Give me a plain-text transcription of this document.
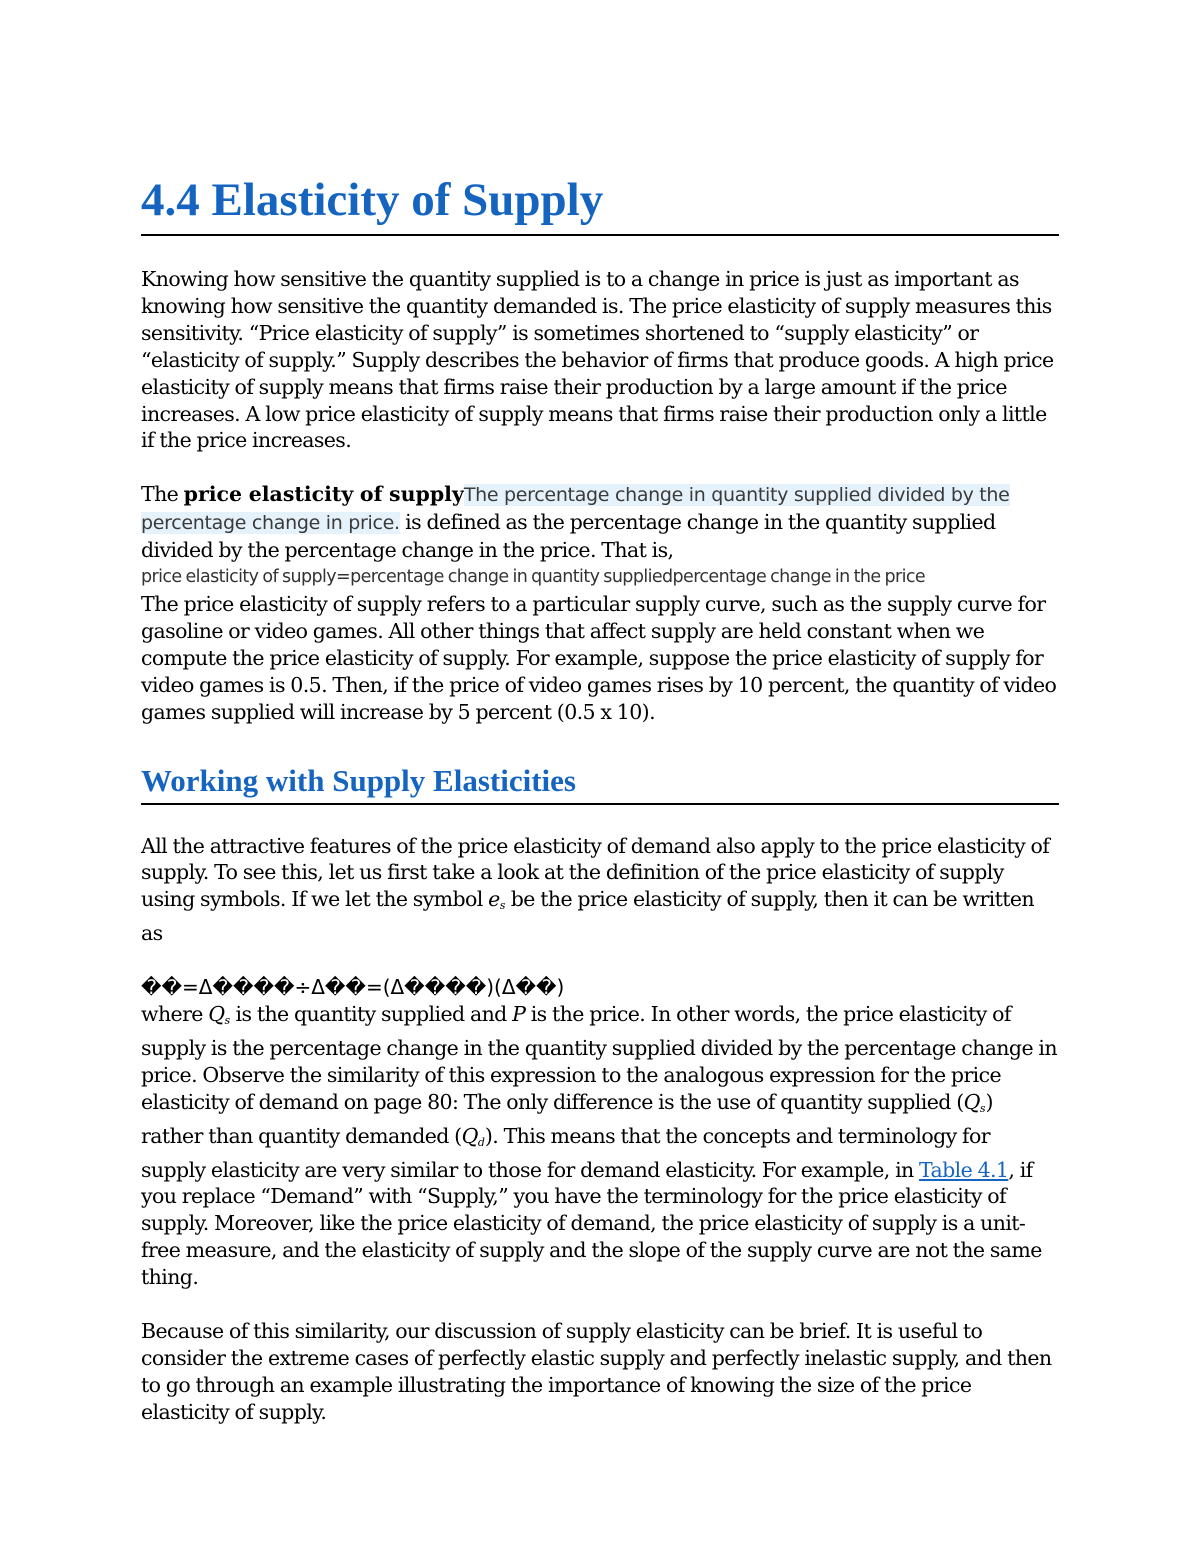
4.4 Elasticity of Supply

Knowing how sensitive the quantity supplied is to a change in price is just as important as knowing how sensitive the quantity demanded is. The price elasticity of supply measures this sensitivity. “Price elasticity of supply” is sometimes shortened to “supply elasticity” or “elasticity of supply.” Supply describes the behavior of firms that produce goods. A high price elasticity of supply means that firms raise their production by a large amount if the price increases. A low price elasticity of supply means that firms raise their production only a little if the price increases.

The price elasticity of supplyThe percentage change in quantity supplied divided by the percentage change in price. is defined as the percentage change in the quantity supplied divided by the percentage change in the price. That is,
price elasticity of supply=percentage change in quantity suppliedpercentage change in the price
The price elasticity of supply refers to a particular supply curve, such as the supply curve for gasoline or video games. All other things that affect supply are held constant when we compute the price elasticity of supply. For example, suppose the price elasticity of supply for video games is 0.5. Then, if the price of video games rises by 10 percent, the quantity of video games supplied will increase by 5 percent (0.5 x 10).

Working with Supply Elasticities

All the attractive features of the price elasticity of demand also apply to the price elasticity of supply. To see this, let us first take a look at the definition of the price elasticity of supply using symbols. If we let the symbol $e_s$ be the price elasticity of supply, then it can be written as

��=Δ����÷Δ��=(Δ����)(Δ��)
where $Q_s$ is the quantity supplied and P is the price. In other words, the price elasticity of supply is the percentage change in the quantity supplied divided by the percentage change in price. Observe the similarity of this expression to the analogous expression for the price elasticity of demand on page 80: The only difference is the use of quantity supplied $(Q_s)$ rather than quantity demanded $(Q_d)$. This means that the concepts and terminology for supply elasticity are very similar to those for demand elasticity. For example, in Table 4.1, if you replace “Demand” with “Supply,” you have the terminology for the price elasticity of supply. Moreover, like the price elasticity of demand, the price elasticity of supply is a unit-free measure, and the elasticity of supply and the slope of the supply curve are not the same thing.

Because of this similarity, our discussion of supply elasticity can be brief. It is useful to consider the extreme cases of perfectly elastic supply and perfectly inelastic supply, and then to go through an example illustrating the importance of knowing the size of the price elasticity of supply.
